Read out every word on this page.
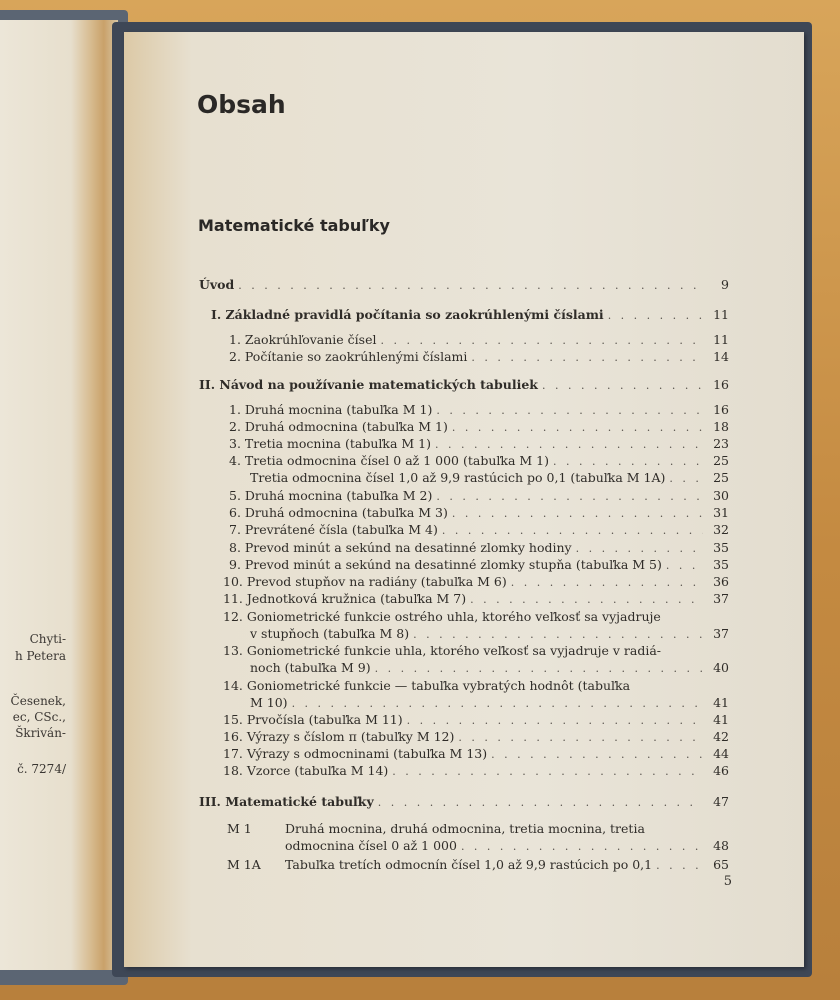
Chyti-
h Petera
Česenek,
ec, CSc.,
Škriván-
č. 7274/
Obsah
Matematické tabuľky
Úvod . . .	9
I. Základné pravidlá počítania so zaokrúhlenými číslami . . .	11
1. Zaokrúhľovanie čísel . . .	11
2. Počítanie so zaokrúhlenými číslami . . .	14
II. Návod na používanie matematických tabuliek . . .	16
1. Druhá mocnina (tabuľka M 1) . . .	16
2. Druhá odmocnina (tabuľka M 1) . . .	18
3. Tretia mocnina (tabuľka M 1) . . .	23
4. Tretia odmocnina čísel 0 až 1 000 (tabuľka M 1) . . .	25
Tretia odmocnina čísel 1,0 až 9,9 rastúcich po 0,1 (tabuľka M 1A) . . .	25
5. Druhá mocnina (tabuľka M 2) . . .	30
6. Druhá odmocnina (tabuľka M 3) . . .	31
7. Prevrátené čísla (tabuľka M 4) . . .	32
8. Prevod minút a sekúnd na desatinné zlomky hodiny . . .	35
9. Prevod minút a sekúnd na desatinné zlomky stupňa (tabuľka M 5) . . .	35
10. Prevod stupňov na radiány (tabuľka M 6) . . .	36
11. Jednotková kružnica (tabuľka M 7) . . .	37
12. Goniometrické funkcie ostrého uhla, ktorého veľkosť sa vyjadruje
v stupňoch (tabuľka M 8) . . .	37
13. Goniometrické funkcie uhla, ktorého veľkosť sa vyjadruje v radiá-
noch (tabuľka M 9) . . .	40
14. Goniometrické funkcie — tabuľka vybratých hodnôt (tabuľka
M 10) . . .	41
15. Prvočísla (tabuľka M 11) . . .	41
16. Výrazy s číslom π (tabuľky M 12) . . .	42
17. Výrazy s odmocninami (tabuľka M 13) . . .	44
18. Vzorce (tabuľka M 14) . . .	46
III. Matematické tabuľky . . .	47
M 1	Druhá mocnina, druhá odmocnina, tretia mocnina, tretia
odmocnina čísel 0 až 1 000 . . .	48
M 1A Tabuľka tretích odmocnín čísel 1,0 až 9,9 rastúcich po 0,1 . . .	65
5
